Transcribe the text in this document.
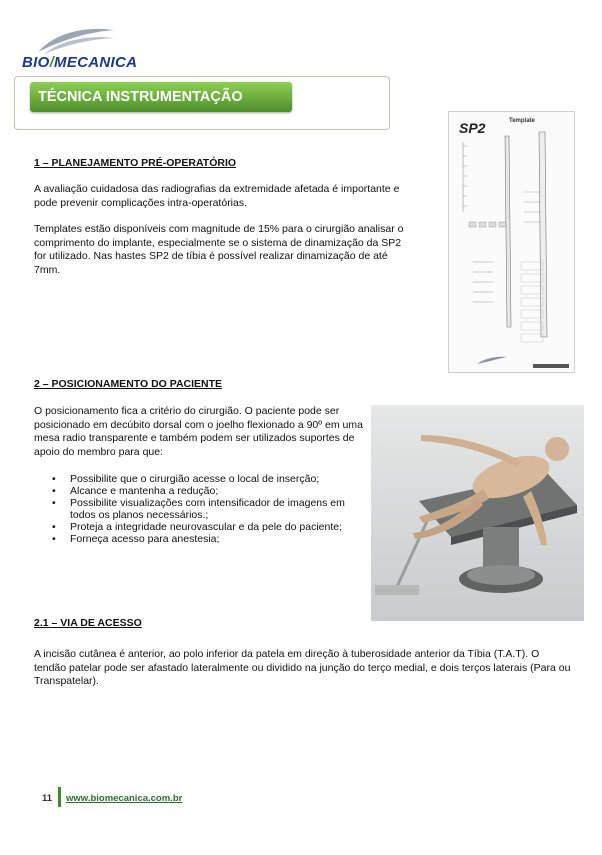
BIO/MECANICA
TÉCNICA INSTRUMENTAÇÃO
1 – PLANEJAMENTO PRÉ-OPERATÓRIO

A avaliação cuidadosa das radiografias da extremidade afetada é importante e pode prevenir complicações intra-operatórias.

Templates estão disponíveis com magnitude de 15% para o cirurgião analisar o comprimento do implante, especialmente se o sistema de dinamização da SP2 for utilizado. Nas hastes SP2 de tíbia é possível realizar dinamização de até 7mm.

SP2	Template
2 – POSICIONAMENTO DO PACIENTE

O posicionamento fica a critério do cirurgião. O paciente pode ser posicionado em decúbito dorsal com o joelho flexionado a 90º em uma mesa radio transparente e também podem ser utilizados suportes de apoio do membro para que:

• Possibilite que o cirurgião acesse o local de inserção;
• Alcance e mantenha a redução;
• Possibilite visualizações com intensificador de imagens em todos os planos necessários.;
• Proteja a integridade neurovascular e da pele do paciente;
• Forneça acesso para anestesia;
2.1 – VIA DE ACESSO

A incisão cutânea é anterior, ao polo inferior da patela em direção à tuberosidade anterior da Tíbia (T.A.T). O tendão patelar pode ser afastado lateralmente ou dividido na junção do terço medial, e dois terços laterais (Para ou Transpatelar).

11 www.biomecanica.com.br
